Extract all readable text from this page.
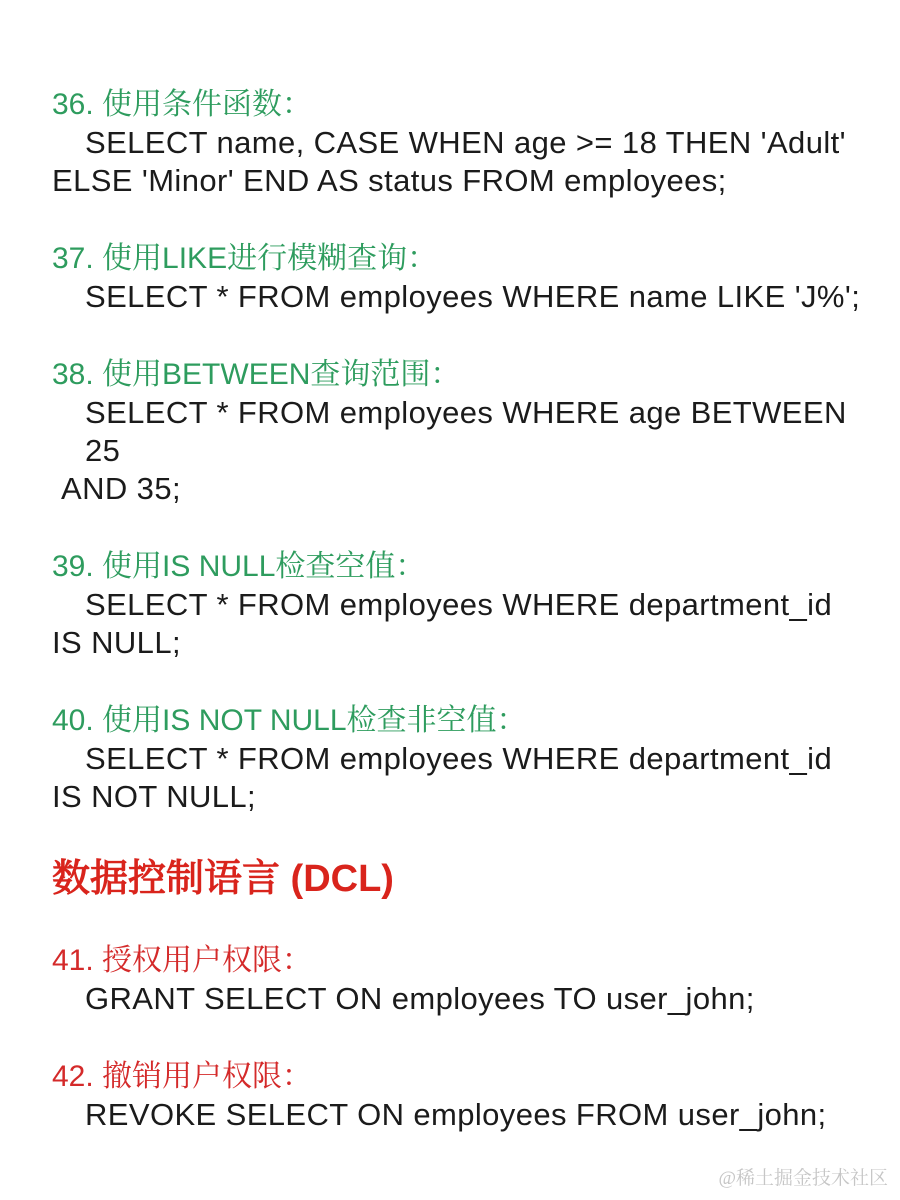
36. 使用条件函数：
SELECT name, CASE WHEN age >= 18 THEN 'Adult'
ELSE 'Minor' END AS status FROM employees;
37. 使用LIKE进行模糊查询：
SELECT * FROM employees WHERE name LIKE 'J%';
38. 使用BETWEEN查询范围：
SELECT * FROM employees WHERE age BETWEEN 25
AND 35;
39. 使用IS NULL检查空值：
SELECT * FROM employees WHERE department_id
IS NULL;
40. 使用IS NOT NULL检查非空值：
SELECT * FROM employees WHERE department_id
IS NOT NULL;
数据控制语言 (DCL)
41. 授权用户权限：
GRANT SELECT ON employees TO user_john;
42. 撤销用户权限：
REVOKE SELECT ON employees FROM user_john;
@稀土掘金技术社区
